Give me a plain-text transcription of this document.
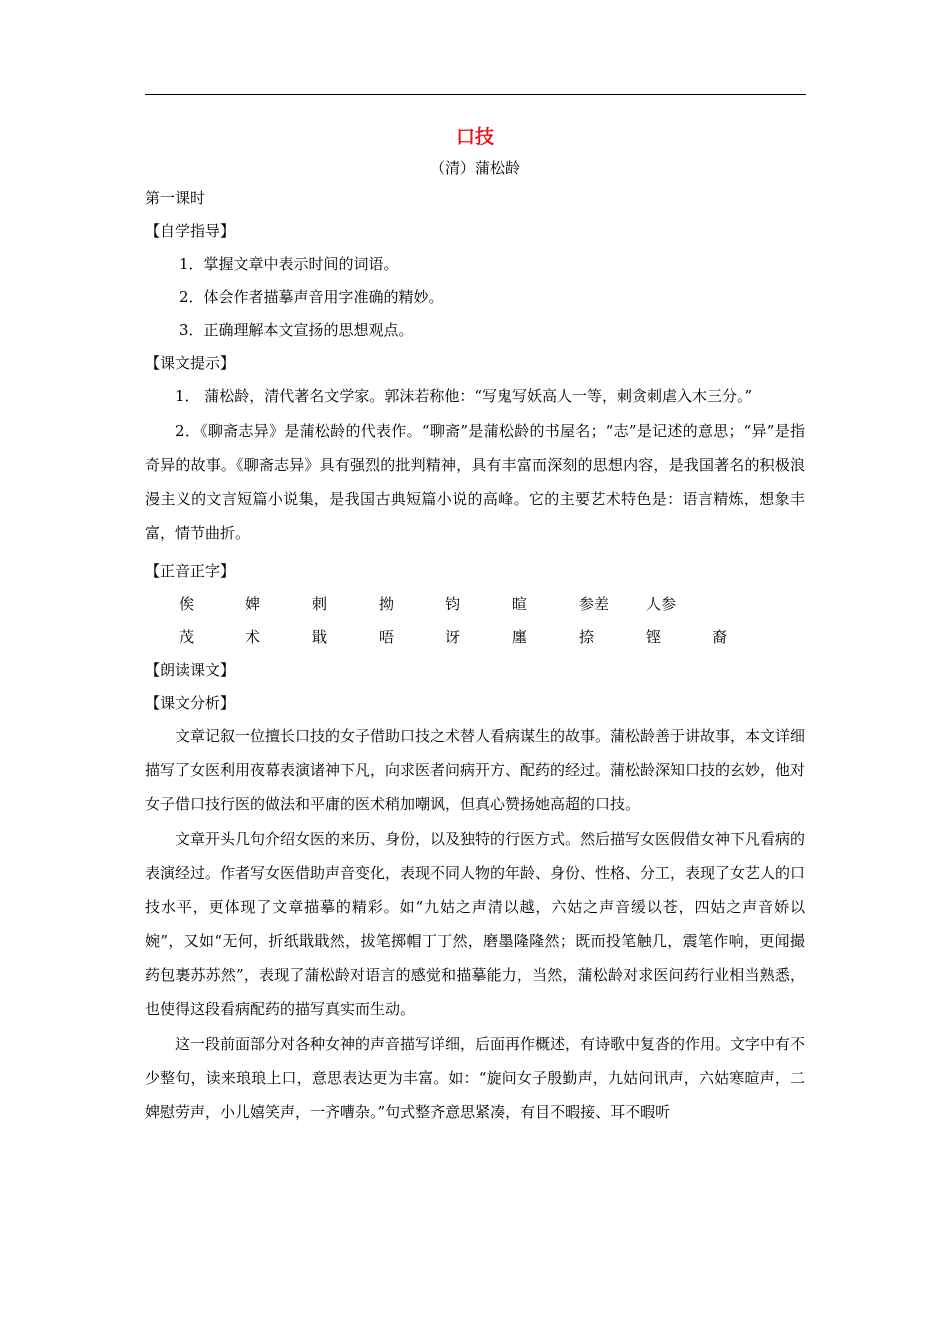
口技
（清）蒲松龄
第一课时
【自学指导】
1．掌握文章中表示时间的词语。
2．体会作者描摹声音用字准确的精妙。
3．正确理解本文宣扬的思想观点。
【课文提示】
1． 蒲松龄，清代著名文学家。郭沫若称他：“写鬼写妖高人一等，刺贪刺虐入木三分。”
2．《聊斋志异》是蒲松龄的代表作。“聊斋”是蒲松龄的书屋名；“志”是记述的意思；“异”是指奇异的故事。《聊斋志异》具有强烈的批判精神，具有丰富而深刻的思想内容，是我国著名的积极浪漫主义的文言短篇小说集，是我国古典短篇小说的高峰。它的主要艺术特色是：语言精炼，想象丰富，情节曲折。
【正音正字】
俟	婢	剌	拗	钧	暄	参差 人参
茂	术	戢	唔	讶	廛	捺	铿	裔
【朗读课文】
【课文分析】
文章记叙一位擅长口技的女子借助口技之术替人看病谋生的故事。蒲松龄善于讲故事，本文详细描写了女医利用夜幕表演诸神下凡，向求医者问病开方、配药的经过。蒲松龄深知口技的玄妙，他对女子借口技行医的做法和平庸的医术稍加嘲讽，但真心赞扬她高超的口技。
文章开头几句介绍女医的来历、身份，以及独特的行医方式。然后描写女医假借女神下凡看病的表演经过。作者写女医借助声音变化，表现不同人物的年龄、身份、性格、分工，表现了女艺人的口技水平，更体现了文章描摹的精彩。如“九姑之声清以越，六姑之声音缓以苍，四姑之声音娇以婉”，又如“无何，折纸戢戢然，拔笔掷帽丁丁然，磨墨隆隆然；既而投笔触几，震笔作响，更闻撮药包裹苏苏然”，表现了蒲松龄对语言的感觉和描摹能力，当然，蒲松龄对求医问药行业相当熟悉，也使得这段看病配药的描写真实而生动。
这一段前面部分对各种女神的声音描写详细，后面再作概述，有诗歌中复沓的作用。文字中有不少整句，读来琅琅上口，意思表达更为丰富。如：“旋问女子殷勤声，九姑问讯声，六姑寒暄声，二婢慰劳声，小儿嬉笑声，一齐嘈杂。”句式整齐意思紧凑，有目不暇接、耳不暇听
